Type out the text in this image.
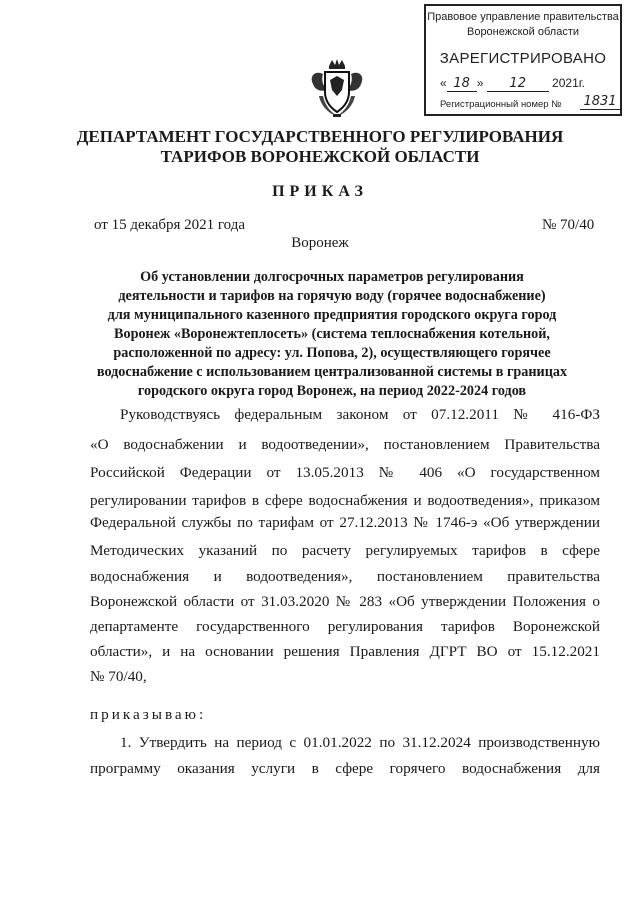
Правовое управление правительства
Воронежской области
ЗАРЕГИСТРИРОВАНО
« 18 » 12 2021г.
Регистрационный номер № 1831
ДЕПАРТАМЕНТ ГОСУДАРСТВЕННОГО РЕГУЛИРОВАНИЯ
ТАРИФОВ ВОРОНЕЖСКОЙ ОБЛАСТИ
ПРИКАЗ
от 15 декабря 2021 года	№ 70/40
Воронеж
Об установлении долгосрочных параметров регулирования
деятельности и тарифов на горячую воду (горячее водоснабжение)
для муниципального казенного предприятия городского округа город
Воронеж «Воронежтеплосеть» (система теплоснабжения котельной,
расположенной по адресу: ул. Попова, 2), осуществляющего горячее
водоснабжение с использованием централизованной системы в границах
городского округа город Воронеж, на период 2022-2024 годов
Руководствуясь федеральным законом от 07.12.2011 № 416-ФЗ
«О водоснабжении и водоотведении», постановлением Правительства
Российской Федерации от 13.05.2013 № 406 «О государственном
регулировании тарифов в сфере водоснабжения и водоотведения», приказом
Федеральной службы по тарифам от 27.12.2013 № 1746-э «Об утверждении
Методических указаний по расчету регулируемых тарифов в сфере
водоснабжения и водоотведения», постановлением правительства
Воронежской области от 31.03.2020 № 283 «Об утверждении Положения о
департаменте государственного регулирования тарифов Воронежской
области», и на основании решения Правления ДГРТ ВО от 15.12.2021
№ 70/40,
приказываю:
1. Утвердить на период с 01.01.2022 по 31.12.2024 производственную
программу оказания услуги в сфере горячего водоснабжения для
